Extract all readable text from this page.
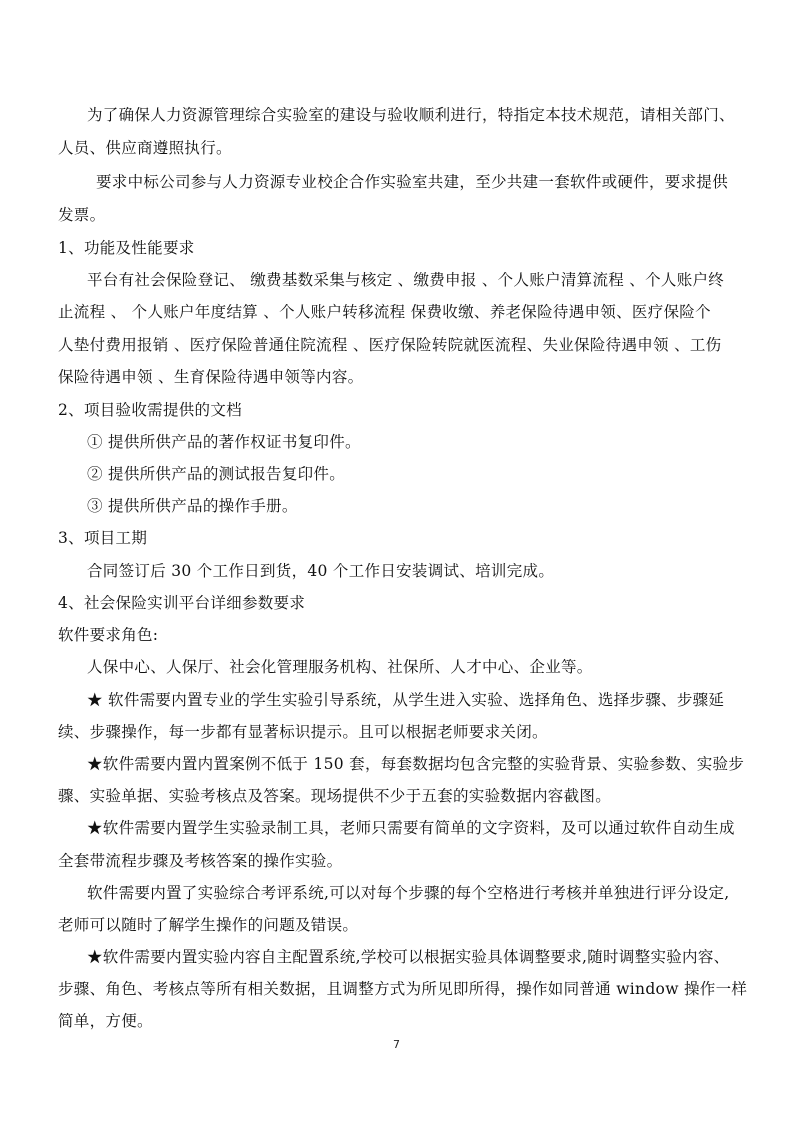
为了确保人力资源管理综合实验室的建设与验收顺利进行，特指定本技术规范，请相关部门、
人员、供应商遵照执行。
要求中标公司参与人力资源专业校企合作实验室共建，至少共建一套软件或硬件，要求提供
发票。
1、功能及性能要求
平台有社会保险登记、 缴费基数采集与核定 、缴费申报 、个人账户清算流程 、个人账户终
止流程 、 个人账户年度结算 、个人账户转移流程 保费收缴、养老保险待遇申领、医疗保险个
人垫付费用报销 、医疗保险普通住院流程 、医疗保险转院就医流程、失业保险待遇申领 、工伤
保险待遇申领 、生育保险待遇申领等内容。
2、项目验收需提供的文档
① 提供所供产品的著作权证书复印件。
② 提供所供产品的测试报告复印件。
③ 提供所供产品的操作手册。
3、项目工期
合同签订后 30 个工作日到货，40 个工作日安装调试、培训完成。
4、社会保险实训平台详细参数要求
软件要求角色:
人保中心、人保厅、社会化管理服务机构、社保所、人才中心、企业等。
★ 软件需要内置专业的学生实验引导系统，从学生进入实验、选择角色、选择步骤、步骤延
续、步骤操作，每一步都有显著标识提示。且可以根据老师要求关闭。
★软件需要内置内置案例不低于 150 套，每套数据均包含完整的实验背景、实验参数、实验步
骤、实验单据、实验考核点及答案。现场提供不少于五套的实验数据内容截图。
★软件需要内置学生实验录制工具，老师只需要有简单的文字资料，及可以通过软件自动生成
全套带流程步骤及考核答案的操作实验。
软件需要内置了实验综合考评系统,可以对每个步骤的每个空格进行考核并单独进行评分设定,
老师可以随时了解学生操作的问题及错误。
★软件需要内置实验内容自主配置系统,学校可以根据实验具体调整要求,随时调整实验内容、
步骤、角色、考核点等所有相关数据，且调整方式为所见即所得，操作如同普通 window 操作一样
简单，方便。
7
